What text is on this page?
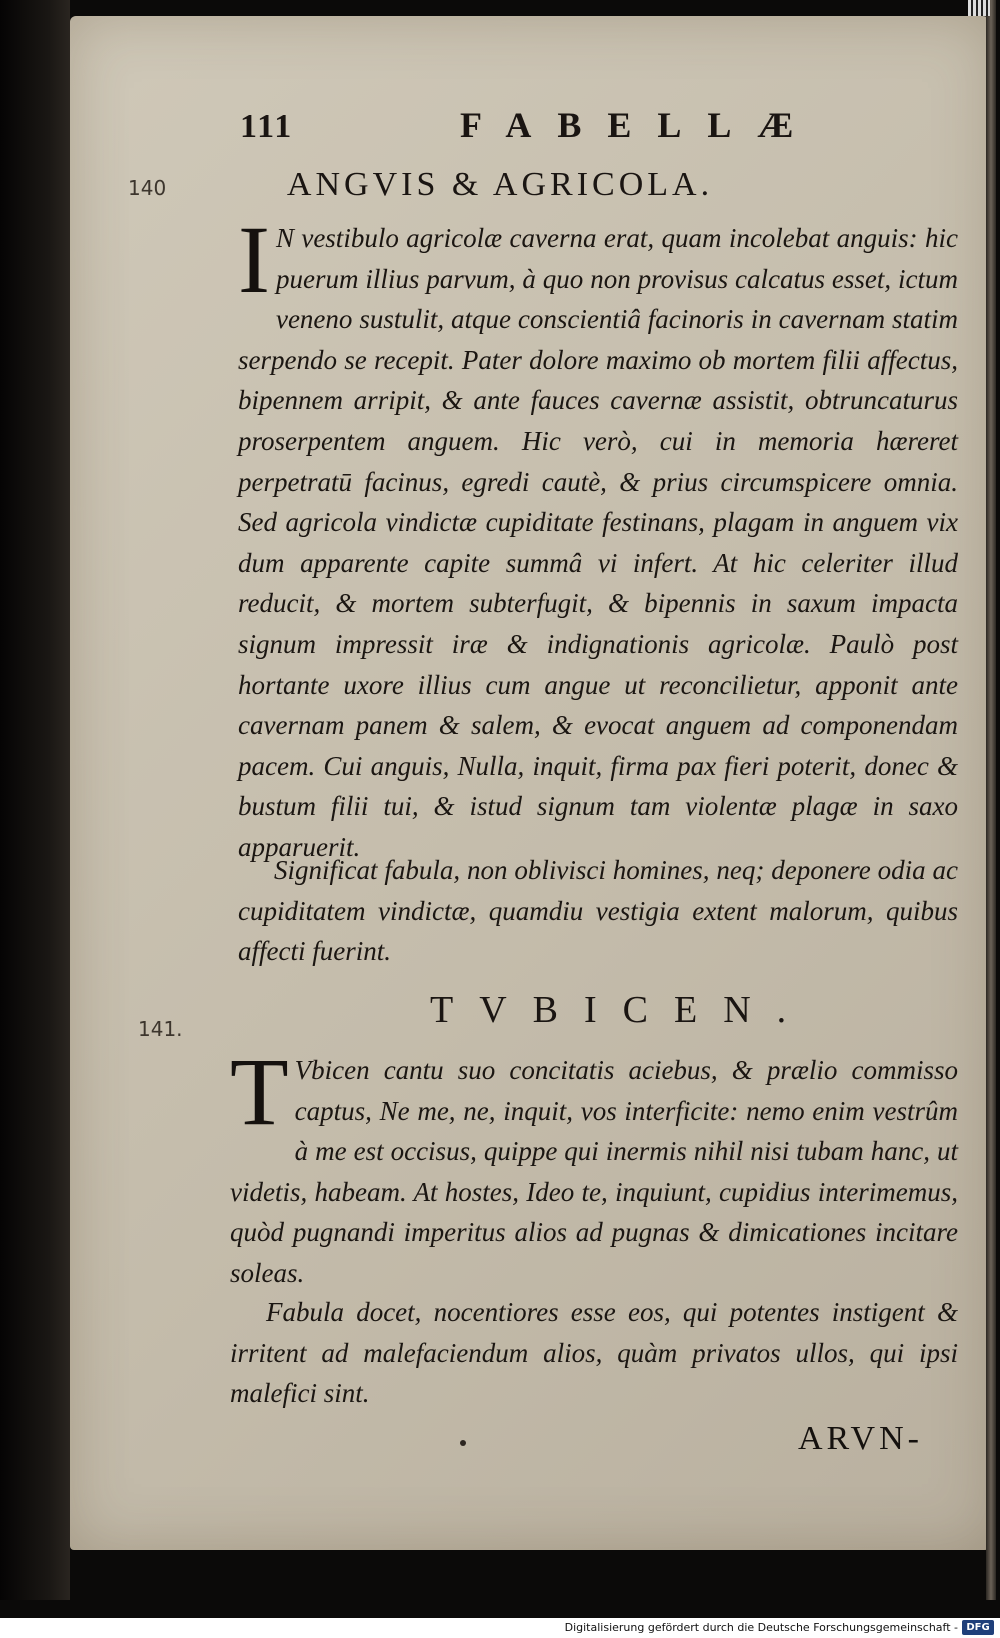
111	FABELLÆ
140
141.
ANGVIS & AGRICOLA.

I N vestibulo agricolæ caverna erat, quam incolebat anguis: hic puerum illius parvum, à quo non provisus calcatus esset, ictum veneno sustulit, atque conscientiâ facinoris in cavernam statim serpendo se recepit. Pater dolore maximo ob mortem filii affectus, bipennem arripit, & ante fauces cavernæ assistit, obtruncaturus proserpentem anguem. Hic verò, cui in memoria hæreret perpetratū facinus, egredi cautè, & prius circumspicere omnia. Sed agricola vindictæ cupiditate festinans, plagam in anguem vix dum apparente capite summâ vi infert. At hic celeriter illud reducit, & mortem subterfugit, & bipennis in saxum impacta signum impressit iræ & indignationis agricolæ. Paulò post hortante uxore illius cum angue ut reconcilietur, apponit ante cavernam panem & salem, & evocat anguem ad componendam pacem. Cui anguis, Nulla, inquit, firma pax fieri poterit, donec & bustum filii tui, & istud signum tam violentæ plagæ in saxo apparuerit.

Significat fabula, non oblivisci homines, neq; deponere odia ac cupiditatem vindictæ, quamdiu vestigia extent malorum, quibus affecti fuerint.

TVBICEN.

T Vbicen cantu suo concitatis aciebus, & prælio commisso captus, Ne me, ne, inquit, vos interficite: nemo enim vestrûm à me est occisus, quippe qui inermis nihil nisi tubam hanc, ut videtis, habeam. At hostes, Ideo te, inquiunt, cupidius interimemus, quòd pugnandi imperitus alios ad pugnas & dimicationes incitare soleas.

Fabula docet, nocentiores esse eos, qui potentes instigent & irritent ad malefaciendum alios, quàm privatos ullos, qui ipsi malefici sint.

ARVN-
Digitalisierung gefördert durch die Deutsche Forschungsgemeinschaft - DFG
